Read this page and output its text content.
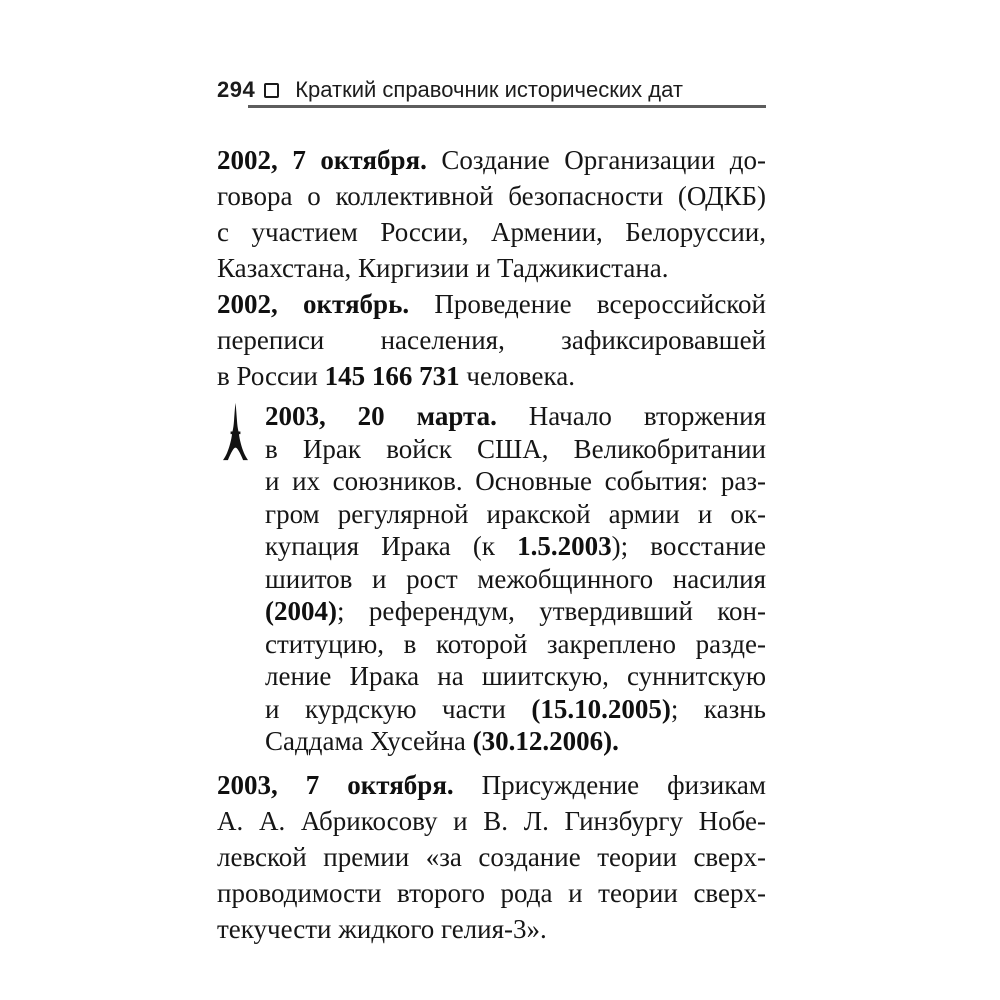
294 Краткий справочник исторических дат
2002, 7 октября. Создание Организации до-
говора о коллективной безопасности (ОДКБ)
с участием России, Армении, Белоруссии,
Казахстана, Киргизии и Таджикистана.
2002, октябрь. Проведение всероссийской
переписи населения, зафиксировавшей
в России 145 166 731 человека.
2003, 20 марта. Начало вторжения
в Ирак войск США, Великобритании
и их союзников. Основные события: раз-
гром регулярной иракской армии и ок-
купация Ирака (к 1.5.2003); восстание
шиитов и рост межобщинного насилия
(2004); референдум, утвердивший кон-
ституцию, в которой закреплено разде-
ление Ирака на шиитскую, суннитскую
и курдскую части (15.10.2005); казнь
Саддама Хусейна (30.12.2006).
2003, 7 октября. Присуждение физикам
А. А. Абрикосову и В. Л. Гинзбургу Нобе-
левской премии «за создание теории сверх-
проводимости второго рода и теории сверх-
текучести жидкого гелия-3».
